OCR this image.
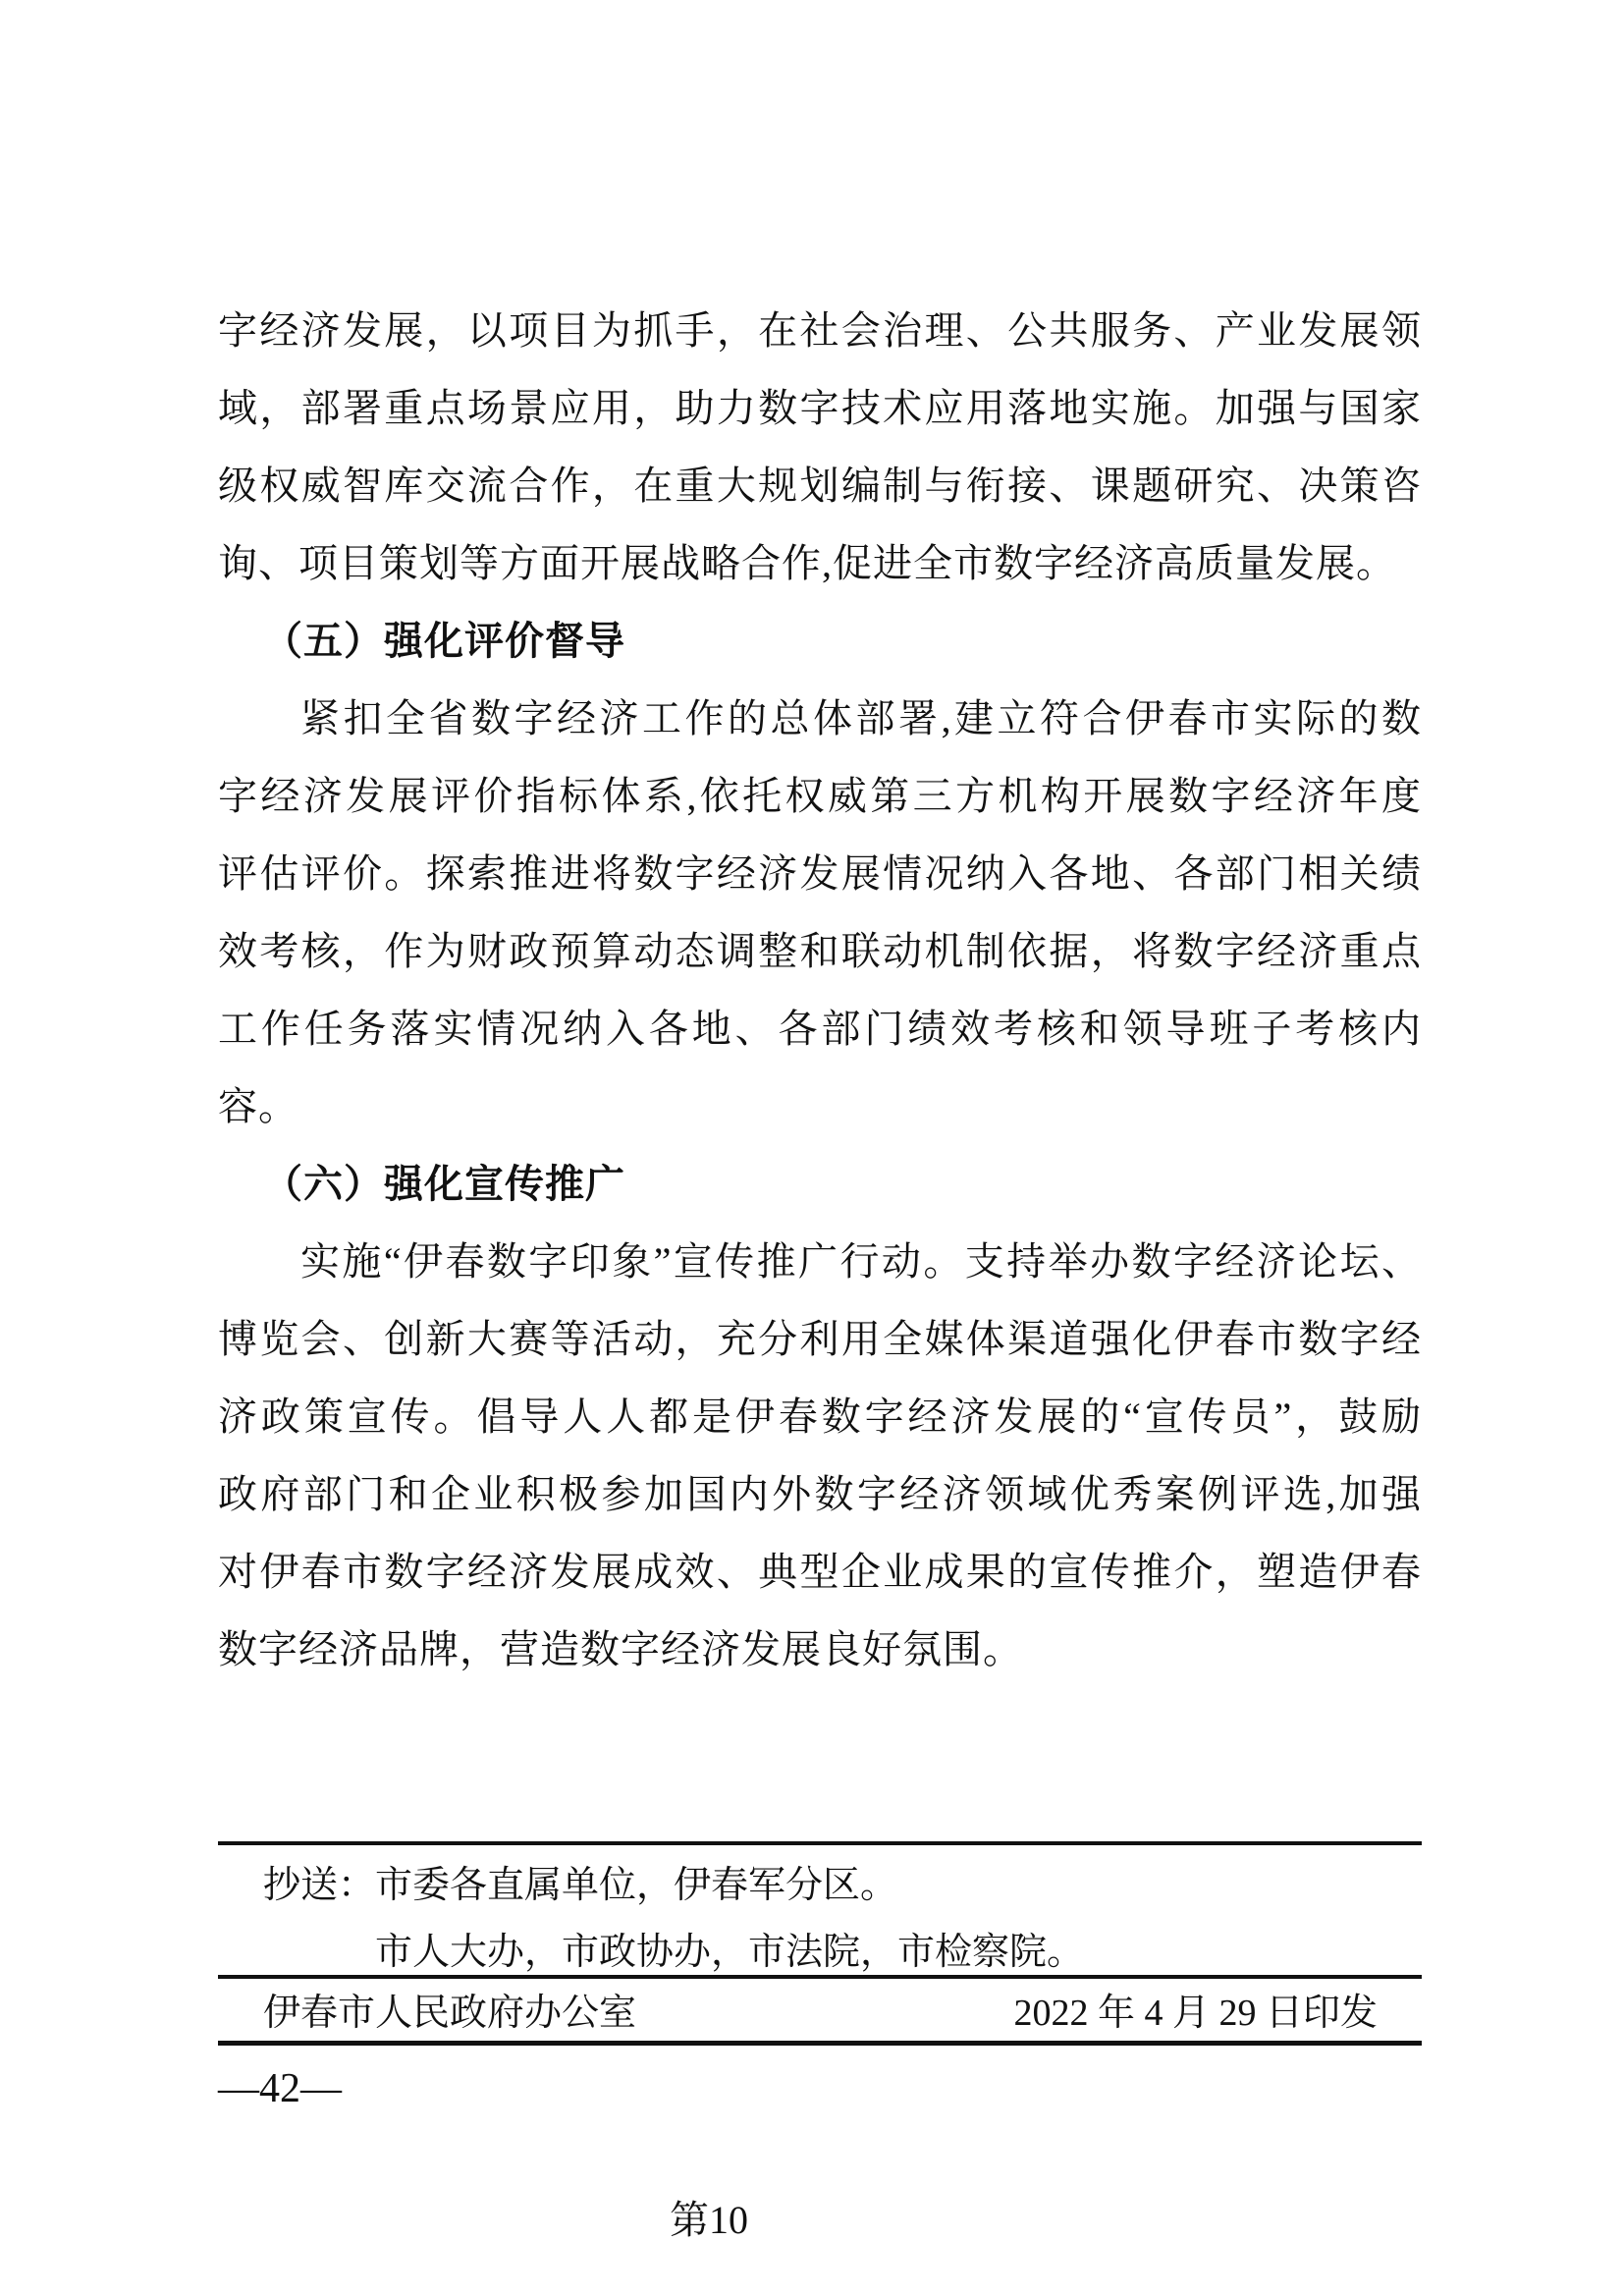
字经济发展，以项目为抓手，在社会治理、公共服务、产业发展领
域，部署重点场景应用，助力数字技术应用落地实施。加强与国家
级权威智库交流合作，在重大规划编制与衔接、课题研究、决策咨
询、项目策划等方面开展战略合作,促进全市数字经济高质量发展。
（五）强化评价督导
紧扣全省数字经济工作的总体部署,建立符合伊春市实际的数
字经济发展评价指标体系,依托权威第三方机构开展数字经济年度
评估评价。探索推进将数字经济发展情况纳入各地、各部门相关绩
效考核，作为财政预算动态调整和联动机制依据，将数字经济重点
工作任务落实情况纳入各地、各部门绩效考核和领导班子考核内
容。
（六）强化宣传推广
实施“伊春数字印象”宣传推广行动。支持举办数字经济论坛、
博览会、创新大赛等活动，充分利用全媒体渠道强化伊春市数字经
济政策宣传。倡导人人都是伊春数字经济发展的“宣传员”，鼓励
政府部门和企业积极参加国内外数字经济领域优秀案例评选,加强
对伊春市数字经济发展成效、典型企业成果的宣传推介，塑造伊春
数字经济品牌，营造数字经济发展良好氛围。
抄送：市委各直属单位，伊春军分区。
市人大办，市政协办，市法院，市检察院。
伊春市人民政府办公室	2022 年 4 月 29 日印发
—42—
第10
